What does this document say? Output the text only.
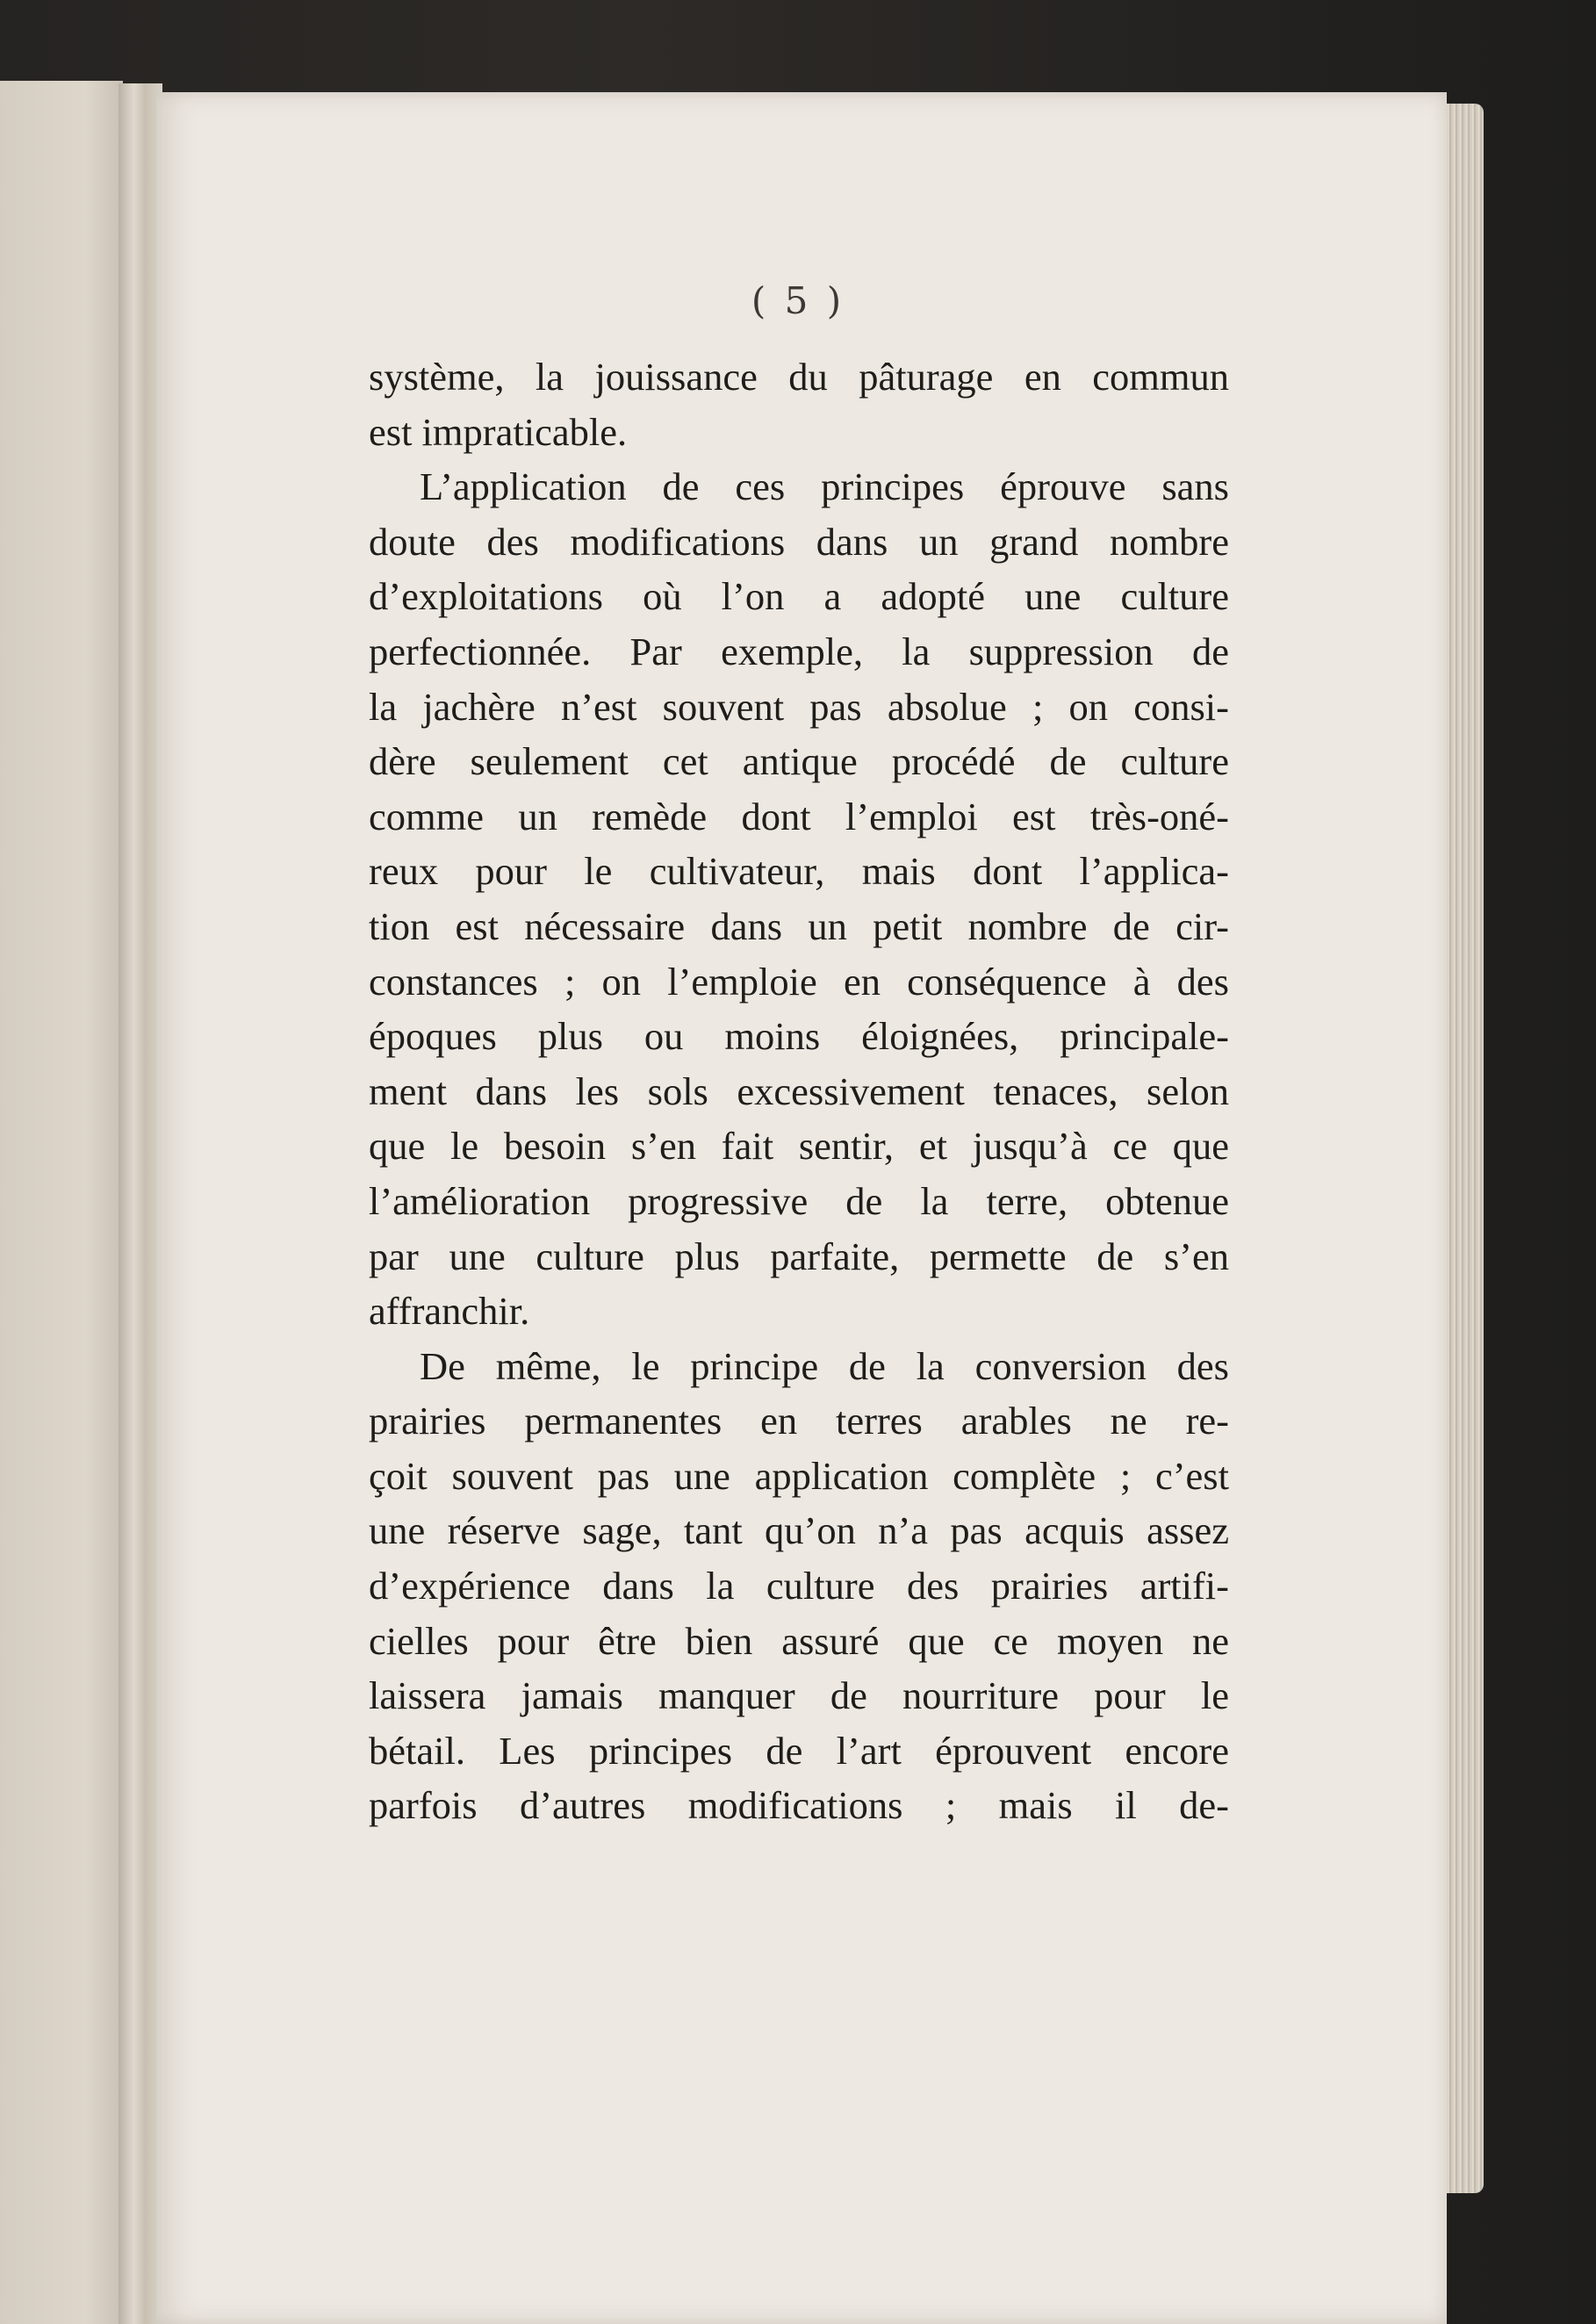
( 5 )
système, la jouissance du pâturage en commun
est impraticable.
L’application de ces principes éprouve sans
doute des modifications dans un grand nombre
d’exploitations où l’on a adopté une culture
perfectionnée. Par exemple, la suppression de
la jachère n’est souvent pas absolue ; on consi-
dère seulement cet antique procédé de culture
comme un remède dont l’emploi est très-oné-
reux pour le cultivateur, mais dont l’applica-
tion est nécessaire dans un petit nombre de cir-
constances ; on l’emploie en conséquence à des
époques plus ou moins éloignées, principale-
ment dans les sols excessivement tenaces, selon
que le besoin s’en fait sentir, et jusqu’à ce que
l’amélioration progressive de la terre, obtenue
par une culture plus parfaite, permette de s’en
affranchir.
De même, le principe de la conversion des
prairies permanentes en terres arables ne re-
çoit souvent pas une application complète ; c’est
une réserve sage, tant qu’on n’a pas acquis assez
d’expérience dans la culture des prairies artifi-
cielles pour être bien assuré que ce moyen ne
laissera jamais manquer de nourriture pour le
bétail. Les principes de l’art éprouvent encore
parfois d’autres modifications ; mais il de-
